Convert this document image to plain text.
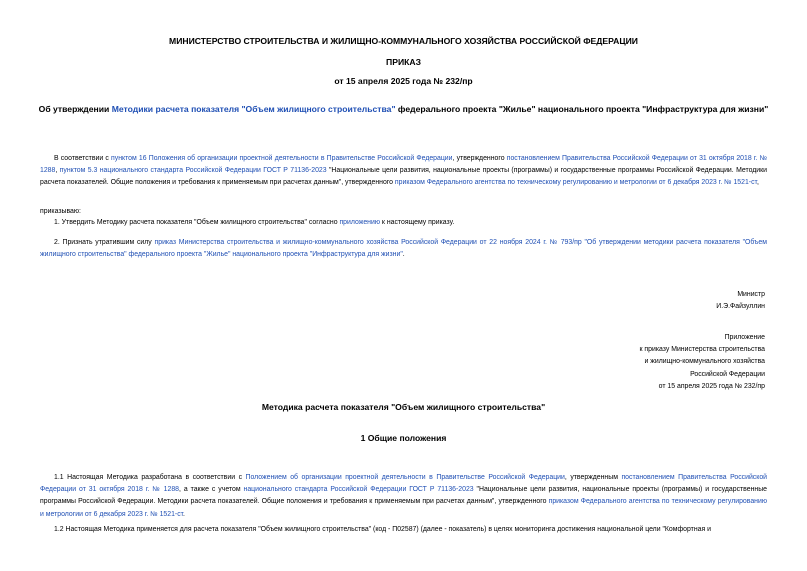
МИНИСТЕРСТВО СТРОИТЕЛЬСТВА И ЖИЛИЩНО-КОММУНАЛЬНОГО ХОЗЯЙСТВА РОССИЙСКОЙ ФЕДЕРАЦИИ
ПРИКАЗ
от 15 апреля 2025 года № 232/пр
Об утверждении Методики расчета показателя "Объем жилищного строительства" федерального проекта "Жилье" национального проекта "Инфраструктура для жизни"
В соответствии с пунктом 16 Положения об организации проектной деятельности в Правительстве Российской Федерации, утвержденного постановлением Правительства Российской Федерации от 31 октября 2018 г. № 1288, пунктом 5.3 национального стандарта Российской Федерации ГОСТ Р 71136-2023 "Национальные цели развития, национальные проекты (программы) и государственные программы Российской Федерации. Методики расчета показателей. Общие положения и требования к применяемым при расчетах данным", утвержденного приказом Федерального агентства по техническому регулированию и метрологии от 6 декабря 2023 г. № 1521-ст,
приказываю:
1. Утвердить Методику расчета показателя "Объем жилищного строительства" согласно приложению к настоящему приказу.
2. Признать утратившим силу приказ Министерства строительства и жилищно-коммунального хозяйства Российской Федерации от 22 ноября 2024 г. № 793/пр "Об утверждении методики расчета показателя "Объем жилищного строительства" федерального проекта "Жилье" национального проекта "Инфраструктура для жизни".
Министр
И.Э.Файзуллин
Приложение
к приказу Министерства строительства
и жилищно-коммунального хозяйства
Российской Федерации
от 15 апреля 2025 года № 232/пр
Методика расчета показателя "Объем жилищного строительства"
1 Общие положения
1.1 Настоящая Методика разработана в соответствии с Положением об организации проектной деятельности в Правительстве Российской Федерации, утвержденным постановлением Правительства Российской Федерации от 31 октября 2018 г. № 1288, а также с учетом национального стандарта Российской Федерации ГОСТ Р 71136-2023 "Национальные цели развития, национальные проекты (программы) и государственные программы Российской Федерации. Методики расчета показателей. Общие положения и требования к применяемым при расчетах данным", утвержденного приказом Федерального агентства по техническому регулированию и метрологии от 6 декабря 2023 г. № 1521-ст.
1.2 Настоящая Методика применяется для расчета показателя "Объем жилищного строительства" (код - П02587) (далее - показатель) в целях мониторинга достижения национальной цели "Комфортная и
